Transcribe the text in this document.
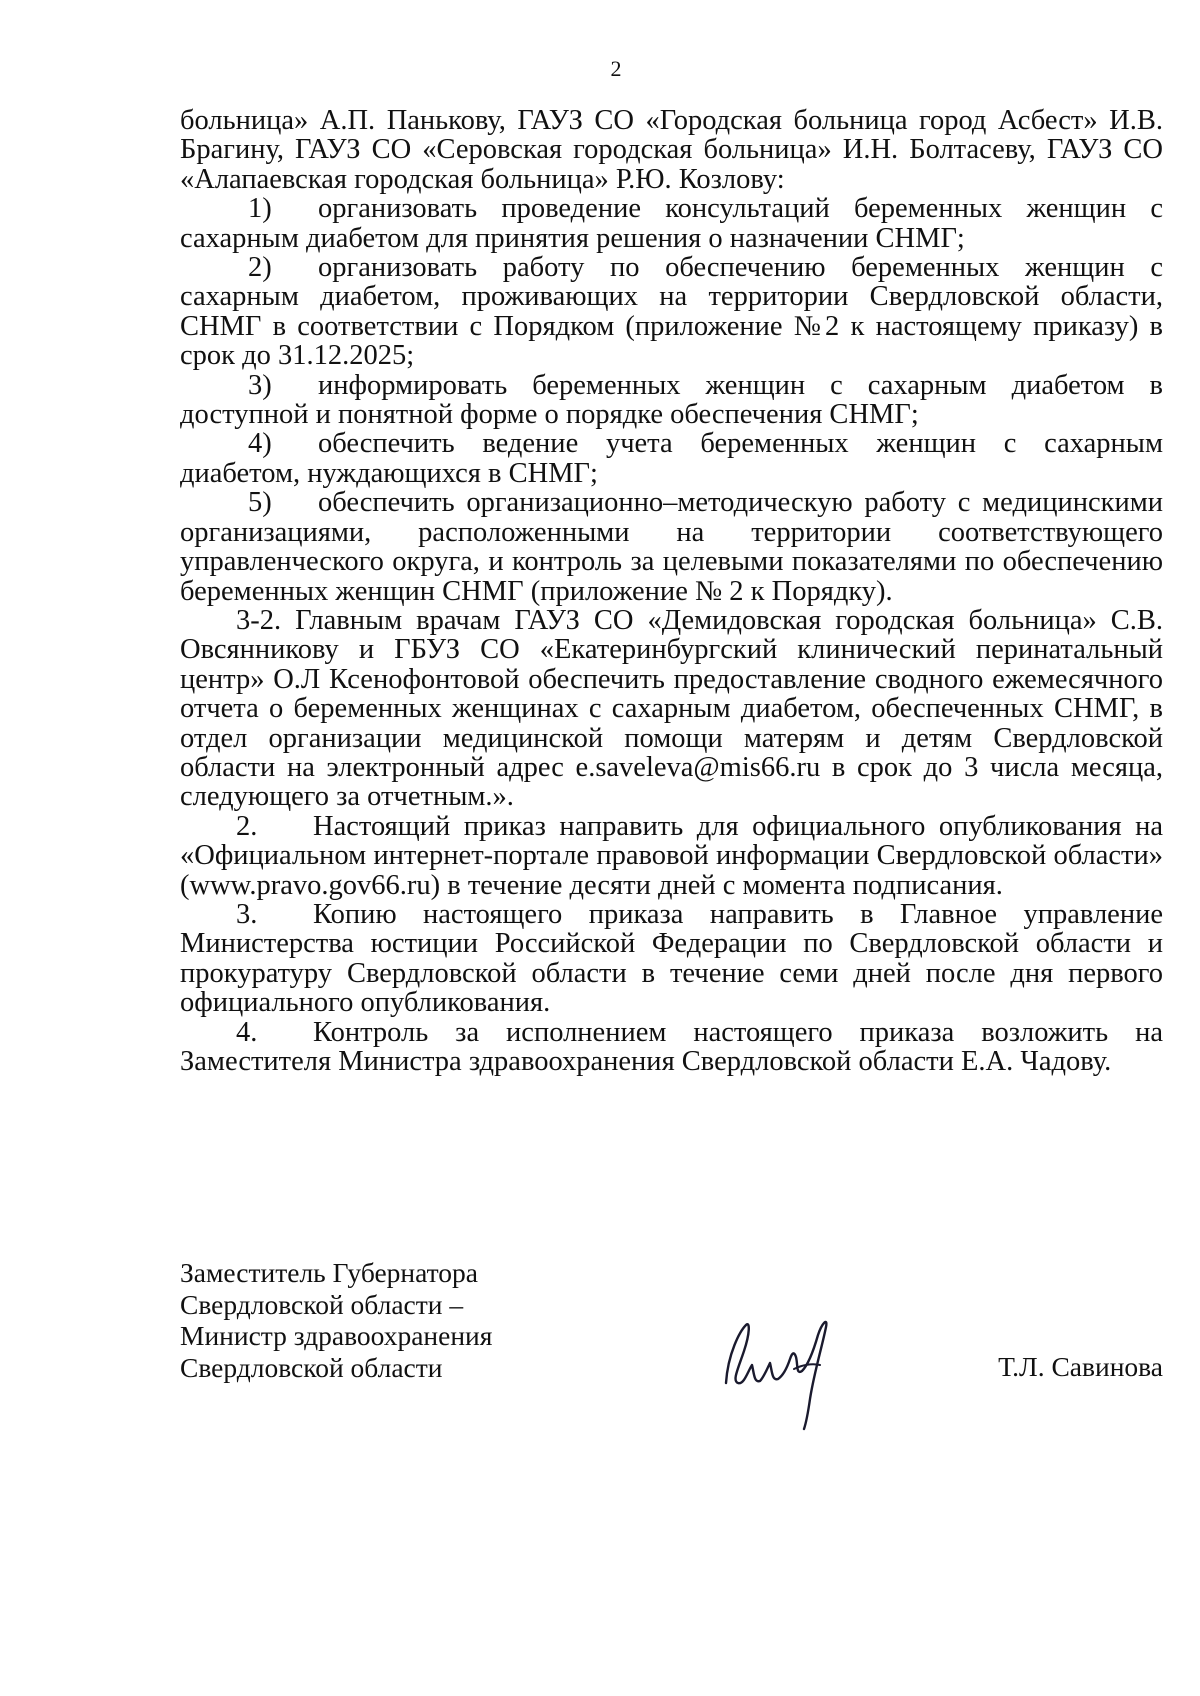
2

больница» А.П. Панькову, ГАУЗ СО «Городская больница город Асбест» И.В. Брагину, ГАУЗ СО «Серовская городская больница» И.Н. Болтасеву, ГАУЗ СО «Алапаевская городская больница» Р.Ю. Козлову:

1) организовать проведение консультаций беременных женщин с сахарным диабетом для принятия решения о назначении СНМГ;

2) организовать работу по обеспечению беременных женщин с сахарным диабетом, проживающих на территории Свердловской области, СНМГ в соответствии с Порядком (приложение №2 к настоящему приказу) в срок до 31.12.2025;

3) информировать беременных женщин с сахарным диабетом в доступной и понятной форме о порядке обеспечения СНМГ;

4) обеспечить ведение учета беременных женщин с сахарным диабетом, нуждающихся в СНМГ;

5) обеспечить организационно–методическую работу с медицинскими организациями, расположенными на территории соответствующего управленческого округа, и контроль за целевыми показателями по обеспечению беременных женщин СНМГ (приложение № 2 к Порядку).

3-2. Главным врачам ГАУЗ СО «Демидовская городская больница» С.В. Овсянникову и ГБУЗ СО «Екатеринбургский клинический перинатальный центр» О.Л Ксенофонтовой обеспечить предоставление сводного ежемесячного отчета о беременных женщинах с сахарным диабетом, обеспеченных СНМГ, в отдел организации медицинской помощи матерям и детям Свердловской области на электронный адрес e.saveleva@mis66.ru в срок до 3 числа месяца, следующего за отчетным.».

2. Настоящий приказ направить для официального опубликования на «Официальном интернет-портале правовой информации Свердловской области» (www.pravo.gov66.ru) в течение десяти дней с момента подписания.

3. Копию настоящего приказа направить в Главное управление Министерства юстиции Российской Федерации по Свердловской области и прокуратуру Свердловской области в течение семи дней после дня первого официального опубликования.

4. Контроль за исполнением настоящего приказа возложить на Заместителя Министра здравоохранения Свердловской области Е.А. Чадову.

Заместитель Губернатора
Свердловской области –
Министр здравоохранения
Свердловской области	Т.Л. Савинова
